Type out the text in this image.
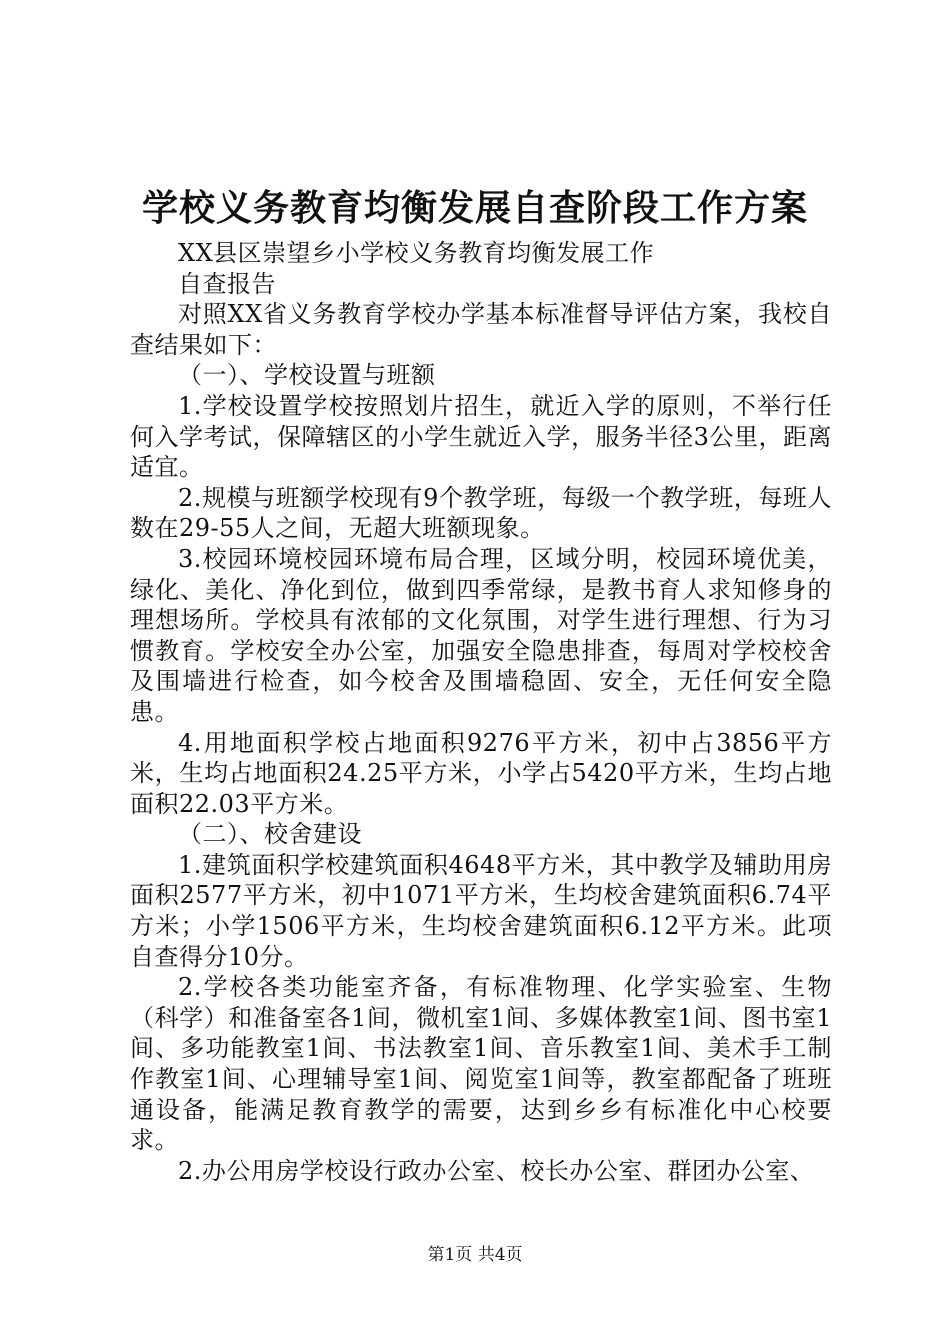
学校义务教育均衡发展自查阶段工作方案

XX县区崇望乡小学校义务教育均衡发展工作

自查报告

对照XX省义务教育学校办学基本标准督导评估方案，我校自查结果如下：

（一）、学校设置与班额

1.学校设置学校按照划片招生，就近入学的原则，不举行任何入学考试，保障辖区的小学生就近入学，服务半径3公里，距离适宜。

2.规模与班额学校现有9个教学班，每级一个教学班，每班人数在29-55人之间，无超大班额现象。

3.校园环境校园环境布局合理，区域分明，校园环境优美，绿化、美化、净化到位，做到四季常绿，是教书育人求知修身的理想场所。学校具有浓郁的文化氛围，对学生进行理想、行为习惯教育。学校安全办公室，加强安全隐患排查，每周对学校校舍及围墙进行检查，如今校舍及围墙稳固、安全，无任何安全隐患。

4.用地面积学校占地面积9276平方米，初中占3856平方米，生均占地面积24.25平方米，小学占5420平方米，生均占地面积22.03平方米。

（二）、校舍建设

1.建筑面积学校建筑面积4648平方米，其中教学及辅助用房面积2577平方米，初中1071平方米，生均校舍建筑面积6.74平方米；小学1506平方米，生均校舍建筑面积6.12平方米。此项自查得分10分。

2.学校各类功能室齐备，有标准物理、化学实验室、生物（科学）和准备室各1间，微机室1间、多媒体教室1间、图书室1间、多功能教室1间、书法教室1间、音乐教室1间、美术手工制作教室1间、心理辅导室1间、阅览室1间等，教室都配备了班班通设备，能满足教育教学的需要，达到乡乡有标准化中心校要求。

2.办公用房学校设行政办公室、校长办公室、群团办公室、

第1页 共4页
